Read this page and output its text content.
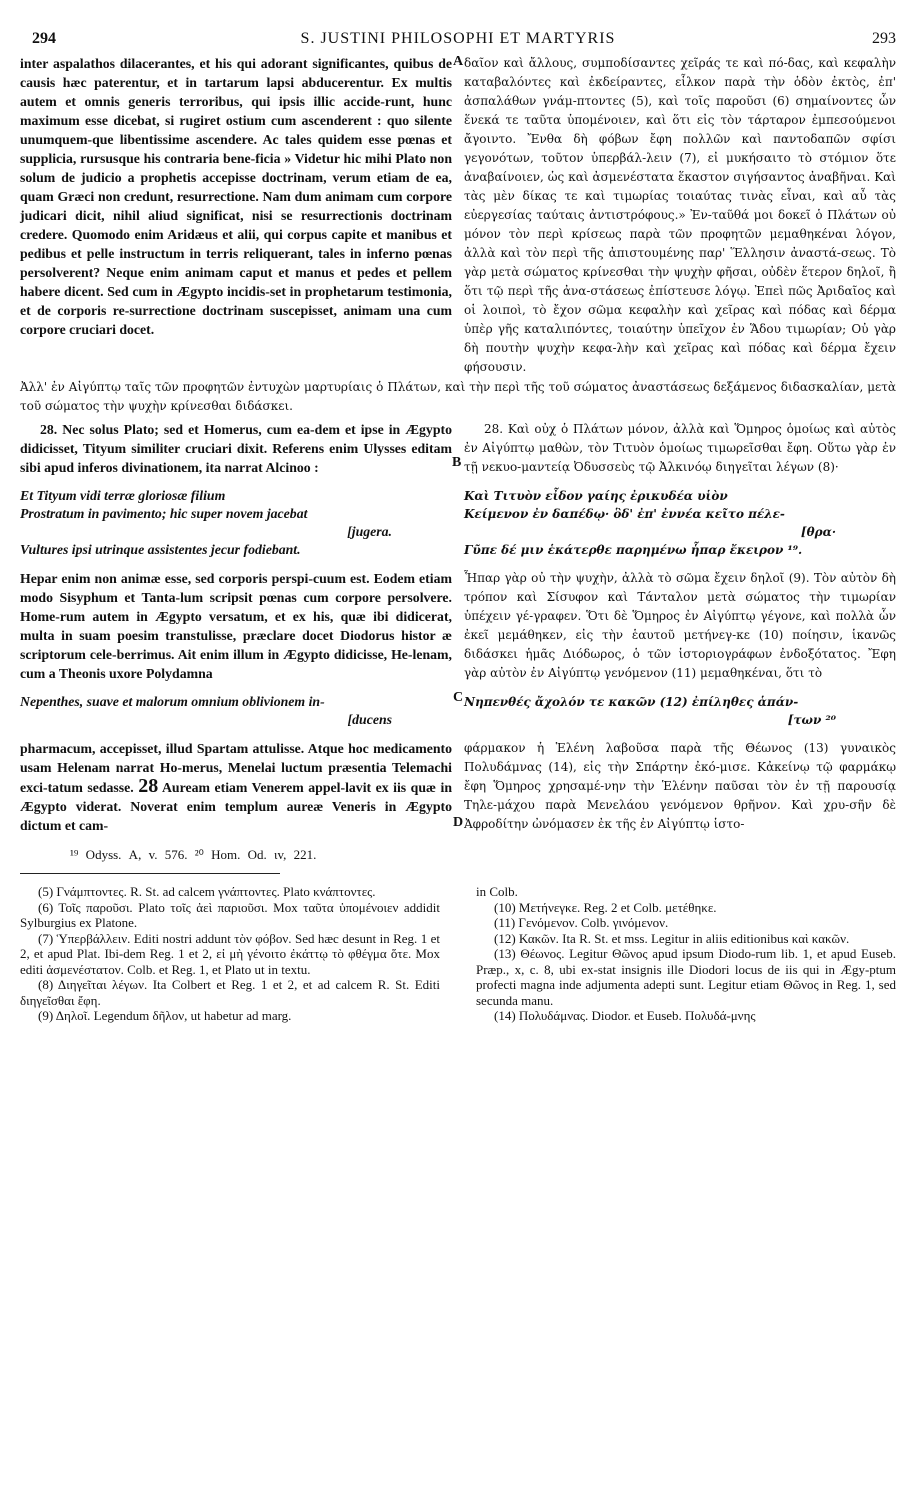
294	S. JUSTINI PHILOSOPHI ET MARTYRIS	293

inter aspalathos dilacerantes, et his qui adorant significantes, quibus de causis hæc paterentur, et in tartarum lapsi abducerentur. Ex multis autem et omnis generis terroribus, qui ipsis illic accide-runt, hunc maximum esse dicebat, si rugiret ostium cum ascenderent : quo silente unumquem-que libentissime ascendere. Ac tales quidem esse pœnas et supplicia, rursusque his contraria bene-ficia » Videtur hic mihi Plato non solum de judicio a prophetis accepisse doctrinam, verum etiam de ea, quam Græci non credunt, resurrectione. Nam dum animam cum corpore judicari dicit, nihil aliud significat, nisi se resurrectionis doctrinam credere. Quomodo enim Aridæus et alii, qui corpus capite et manibus et pedibus et pelle instructum in terris reliquerant, tales in inferno pœnas persolverent? Neque enim animam caput et manus et pedes et pellem habere dicent. Sed cum in Ægypto incidis-set in prophetarum testimonia, et de corporis re-surrectione doctrinam suscepisset, animam una cum corpore cruciari docet.

A δαῖον καὶ ἄλλους, συμποδίσαντες χεῖράς τε καὶ πό-δας, καὶ κεφαλὴν καταβαλόντες καὶ ἐκδείραντες, εἷλκον παρὰ τὴν ὁδὸν ἐκτὸς, ἐπ' ἀσπαλάθων γνάμ-πτοντες (5), καὶ τοῖς παροῦσι (6) σημαίνοντες ὧν ἕνεκά τε ταῦτα ὑπομένοιεν, καὶ ὅτι εἰς τὸν τάρταρον ἐμπεσούμενοι ἄγοιντο. Ἔνθα δὴ φόβων ἔφη πολλῶν καὶ παντοδαπῶν σφίσι γεγονότων, τοῦτον ὑπερβάλ-λειν (7), εἰ μυκήσαιτο τὸ στόμιον ὅτε ἀναβαίνοιεν, ὡς καὶ ἀσμενέστατα ἕκαστον σιγήσαντος ἀναβῆναι. Καὶ τὰς μὲν δίκας τε καὶ τιμωρίας τοιαύτας τινὰς εἶναι, καὶ αὖ τὰς εὐεργεσίας ταύταις ἀντιστρόφους.» Ἐν-ταῦθά μοι δοκεῖ ὁ Πλάτων οὐ μόνον τὸν περὶ κρίσεως παρὰ τῶν προφητῶν μεμαθηκέναι λόγον, ἀλλὰ καὶ τὸν περὶ τῆς ἀπιστουμένης παρ' Ἕλλησιν ἀναστά-σεως. Τὸ γὰρ μετὰ σώματος κρίνεσθαι τὴν ψυχὴν φῆσαι, οὐδὲν ἕτερον δηλοῖ, ἢ ὅτι τῷ περὶ τῆς ἀνα-στάσεως ἐπίστευσε λόγῳ. Ἐπεὶ πῶς Ἀριδαῖος καὶ οἱ λοιποὶ, τὸ ἔχον σῶμα κεφαλὴν καὶ χεῖρας καὶ πόδας καὶ δέρμα ὑπὲρ γῆς καταλιπόντες, τοιαύτην ὑπεῖχον ἐν Ἅδου τιμωρίαν; Οὐ γὰρ δὴ πουτὴν ψυχὴν κεφα-λὴν καὶ χεῖρας καὶ πόδας καὶ δέρμα ἔχειν φήσουσιν.

Ἀλλ' ἐν Αἰγύπτῳ ταῖς τῶν προφητῶν ἐντυχὼν μαρτυρίαις ὁ Πλάτων, καὶ τὴν περὶ τῆς τοῦ σώματος ἀναστάσεως δεξάμενος διδασκαλίαν, μετὰ τοῦ σώματος τὴν ψυχὴν κρίνεσθαι διδάσκει.

28. Nec solus Plato; sed et Homerus, cum ea-dem et ipse in Ægypto didicisset, Tityum similiter cruciari dixit. Referens enim Ulysses editam sibi apud inferos divinationem, ita narrat Alcinoo :

Et Tityum vidi terræ gloriosæ filium
Prostratum in pavimento; hic super novem jacebat
[jugera.
Vultures ipsi utrinque assistentes jecur fodiebant.

Hepar enim non animæ esse, sed corporis perspi-cuum est. Eodem etiam modo Sisyphum et Tanta-lum scripsit pœnas cum corpore persolvere. Home-rum autem in Ægypto versatum, et ex his, quæ ibi didicerat, multa in suam poesim transtulisse, præclare docet Diodorus histor æ scriptorum cele-berrimus. Ait enim illum in Ægypto didicisse, He-lenam, cum a Theonis uxore Polydamna

Nepenthes, suave et malorum omnium oblivionem in-
[ducens
C

28. Καὶ οὐχ ὁ Πλάτων μόνον, ἀλλὰ καὶ Ὅμηρος ὁμοίως καὶ αὐτὸς ἐν Αἰγύπτῳ μαθὼν, τὸν Τιτυὸν ὁμοίως τιμωρεῖσθαι ἔφη. Οὕτω γὰρ ἐν τῇ νεκυο-μαντείᾳ Ὀδυσσεὺς τῷ Ἀλκινόῳ διηγεῖται λέγων (8)·

Καὶ Τιτυὸν εἶδον γαίης ἐρικυδέα υἱὸν
Κείμενον ἐν δαπέδῳ· ὃδ' ἐπ' ἐννέα κεῖτο πέλε-
[θρα·
Γῦπε δέ μιν ἑκάτερθε παρημένω ἧπαρ ἔκειρον ¹⁹.

Ἧπαρ γὰρ οὐ τὴν ψυχὴν, ἀλλὰ τὸ σῶμα ἔχειν δηλοῖ (9). Τὸν αὐτὸν δὴ τρόπον καὶ Σίσυφον καὶ Τάνταλον μετὰ σώματος τὴν τιμωρίαν ὑπέχειν γέ-γραφεν. Ὅτι δὲ Ὅμηρος ἐν Αἰγύπτῳ γέγονε, καὶ πολλὰ ὧν ἐκεῖ μεμάθηκεν, εἰς τὴν ἑαυτοῦ μετήνεγ-κε (10) ποίησιν, ἱκανῶς διδάσκει ἡμᾶς Διόδωρος, ὁ τῶν ἱστοριογράφων ἐνδοξότατος. Ἔφη γὰρ αὐτὸν ἐν Αἰγύπτῳ γενόμενον (11) μεμαθηκέναι, ὅτι τὸ

Νηπενθές ἄχολόν τε κακῶν (12) ἐπίληθες ἁπάν-
[των ²⁰

pharmacum, accepisset, illud Spartam attulisse. Atque hoc medicamento usam Helenam narrat Ho-merus, Menelai luctum præsentia Telemachi exci-tatum sedasse. 28 Auream etiam Venerem appel-lavit ex iis quæ in Ægypto viderat. Noverat enim templum aureæ Veneris in Ægypto dictum et cam-	D

φάρμακον ἡ Ἑλένη λαβοῦσα παρὰ τῆς Θέωνος (13) γυναικὸς Πολυδάμνας (14), εἰς τὴν Σπάρτην ἐκό-μισε. Κἀκείνῳ τῷ φαρμάκῳ ἔφη Ὅμηρος χρησαμέ-νην τὴν Ἑλένην παῦσαι τὸν ἐν τῇ παρουσίᾳ Τηλε-μάχου παρὰ Μενελάου γενόμενον θρῆνον. Καὶ χρυ-σῆν δὲ Ἀφροδίτην ὠνόμασεν ἐκ τῆς ἐν Αἰγύπτῳ ἱστο-

¹⁹ Odyss. Α, v. 576. ²⁰ Hom. Od. ιv, 221.

(5) Γνάμπτοντες. R. St. ad calcem γνάπτοντες. Plato κνάπτοντες.

(6) Τοῖς παροῦσι. Plato τοῖς ἀεὶ παριοῦσι. Mox ταῦτα ὑπομένοιεν addidit Sylburgius ex Platone.

(7) Ὑπερβάλλειν. Editi nostri addunt τὸν φόβον. Sed hæc desunt in Reg. 1 et 2, et apud Plat. Ibi-dem Reg. 1 et 2, εἰ μὴ γένοιτο ἐκάττῳ τὸ φθέγμα ὅτε. Mox editi ἀσμενέστατον. Colb. et Reg. 1, et Plato ut in textu.

(8) Διηγεῖται λέγων. Ita Colbert et Reg. 1 et 2, et ad calcem R. St. Editi διηγεῖσθαι ἔφη.

(9) Δηλοῖ. Legendum δῆλον, ut habetur ad marg.

in Colb.

(10) Μετήνεγκε. Reg. 2 et Colb. μετέθηκε.

(11) Γενόμενον. Colb. γινόμενον.

(12) Κακῶν. Ita R. St. et mss. Legitur in aliis editionibus καὶ κακῶν.

(13) Θέωνος. Legitur Θῶνος apud ipsum Diodo-rum lib. 1, et apud Euseb. Præp., x, c. 8, ubi ex-stat insignis ille Diodori locus de iis qui in Ægy-ptum profecti magna inde adjumenta adepti sunt. Legitur etiam Θῶνος in Reg. 1, sed secunda manu.

(14) Πολυδάμνας. Diodor. et Euseb. Πολυδά-μνης

B
